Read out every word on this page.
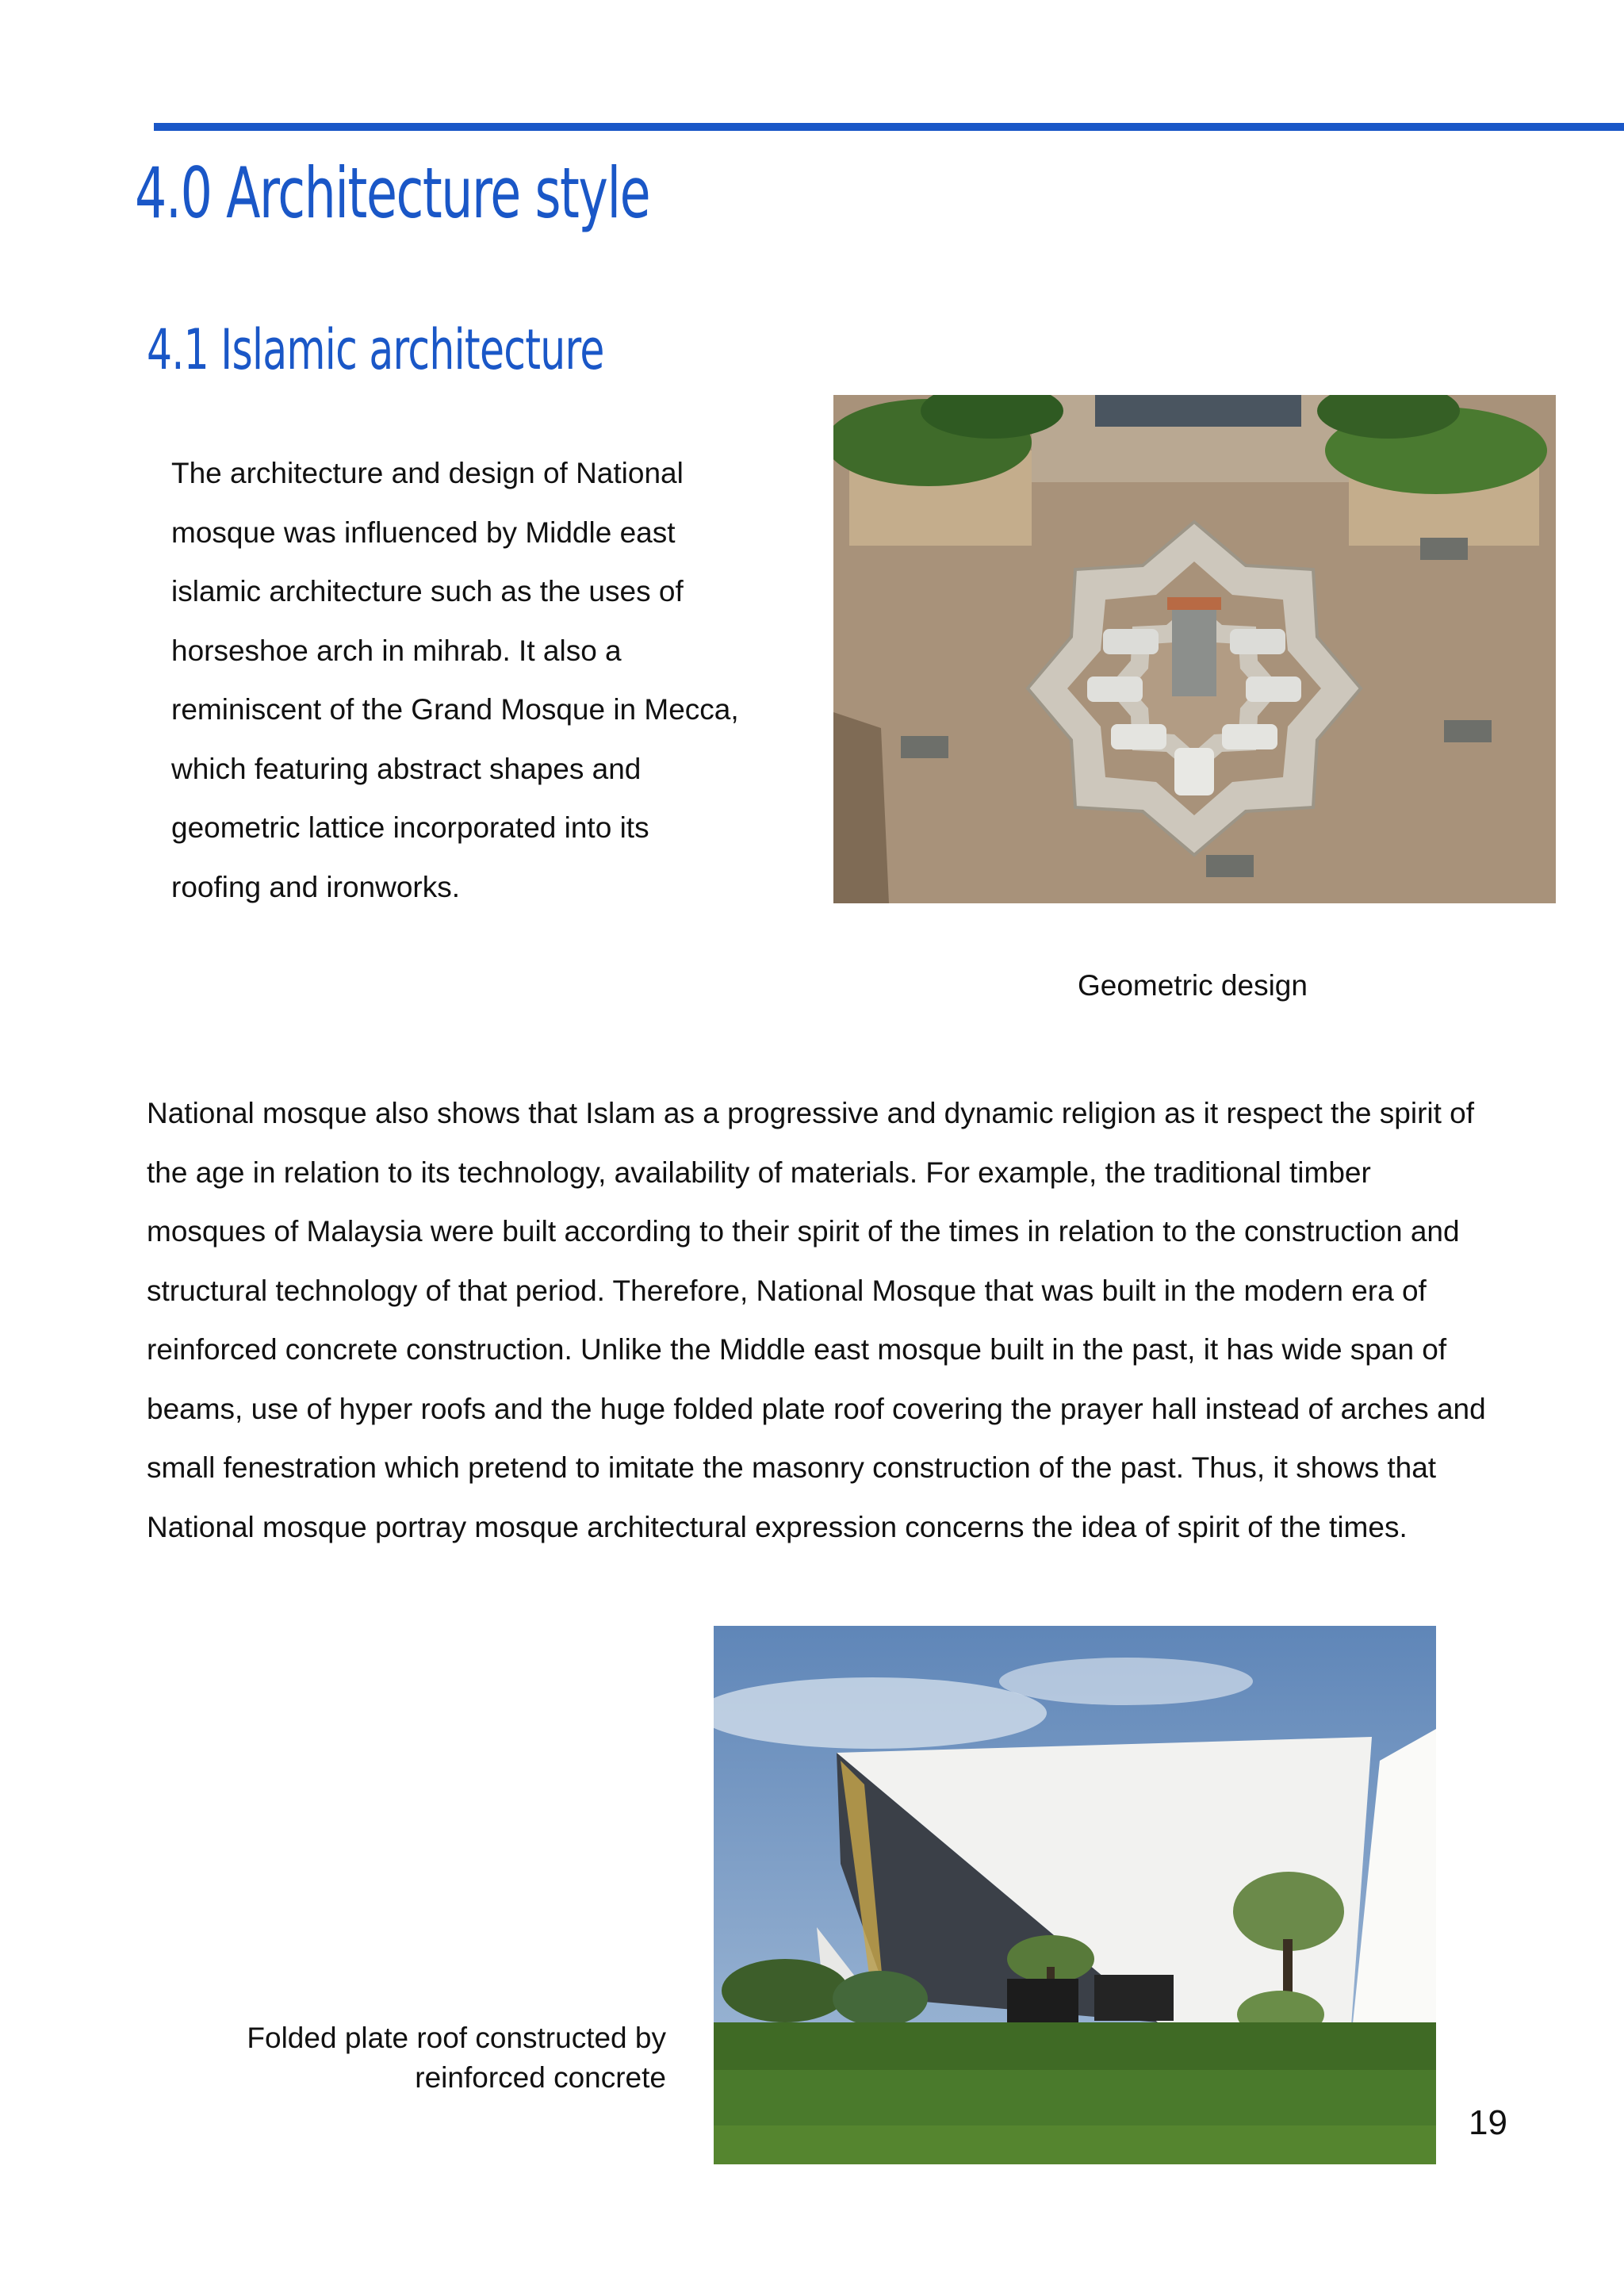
4.0 Architecture style
4.1 Islamic architecture

The architecture and design of National

mosque was influenced by Middle east

islamic architecture such as the uses of

horseshoe arch in mihrab. It also a

reminiscent of the Grand Mosque in Mecca,

which featuring abstract shapes and

geometric lattice incorporated into its

roofing and ironworks.

Geometric design

National mosque also shows that Islam as a progressive and dynamic religion as it respect the spirit of

the age in relation to its technology, availability of materials. For example, the traditional timber

mosques of Malaysia were built according to their spirit of the times in relation to the construction and

structural technology of that period. Therefore, National Mosque that was built in the modern era of

reinforced concrete construction. Unlike the Middle east mosque built in the past, it has wide span of

beams, use of hyper roofs and the huge folded plate roof covering the prayer hall instead of arches and

small fenestration which pretend to imitate the masonry construction of the past. Thus, it shows that

National mosque portray mosque architectural expression concerns the idea of spirit of the times.

Folded plate roof constructed by

reinforced concrete

19
